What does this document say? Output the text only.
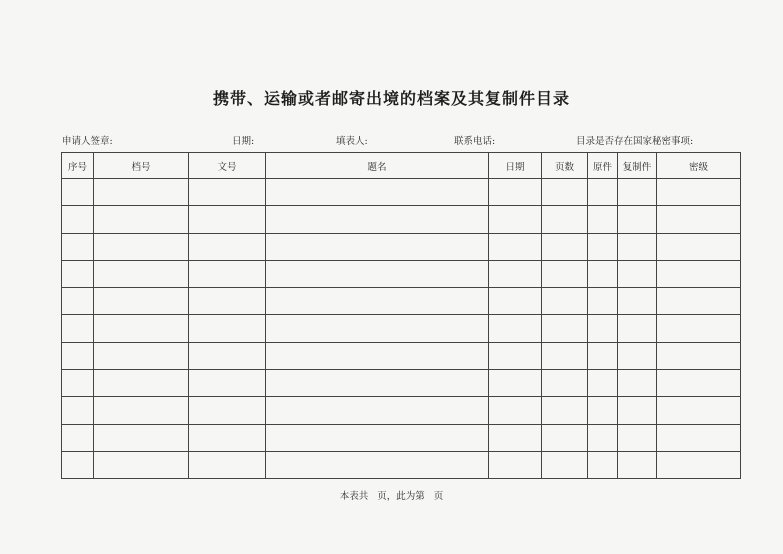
携带、运输或者邮寄出境的档案及其复制件目录
申请人签章:	日期:	填表人:	联系电话:	目录是否存在国家秘密事项:
序号	档号	文号	题名	日期	页数	原件	复制件	密级

本表共   页，此为第   页
